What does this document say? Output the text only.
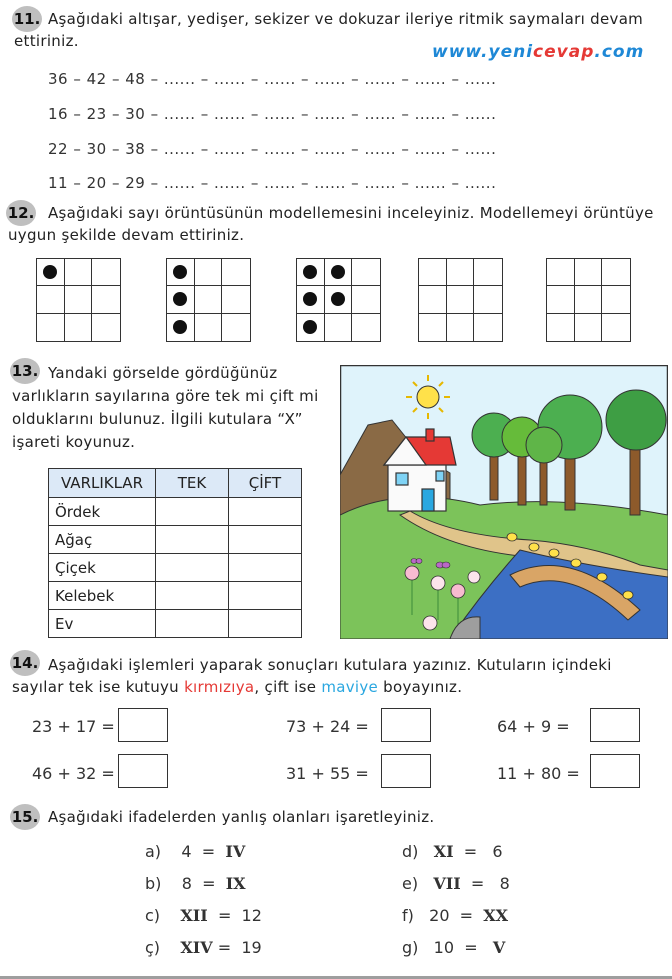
11. Aşağıdaki altışar, yedişer, sekizer ve dokuzar ileriye ritmik saymaları devam ettiriniz.
www.yenicevap.com
36 – 42 – 48 – ...... – ...... – ...... – ...... – ...... – ...... – ......
16 – 23 – 30 – ...... – ...... – ...... – ...... – ...... – ...... – ......
22 – 30 – 38 – ...... – ...... – ...... – ...... – ...... – ...... – ......
11 – 20 – 29 – ...... – ...... – ...... – ...... – ...... – ...... – ......
12. Aşağıdaki sayı örüntüsünün modellemesini inceleyiniz. Modellemeyi örüntüye uygun şekilde devam ettiriniz.
13. Yandaki görselde gördüğünüz varlıkların sayılarına göre tek mi çift mi olduklarını bulunuz. İlgili kutulara “X” işareti koyunuz.
VARLIKLAR	TEK	ÇİFT
Ördek		
Ağaç		
Çiçek		
Kelebek		
Ev		
14. Aşağıdaki işlemleri yaparak sonuçları kutulara yazınız. Kutuların içindeki sayılar tek ise kutuyu kırmızıya, çift ise maviye boyayınız.
23 + 17 =	73 + 24 =	64 + 9 =
46 + 32 =	31 + 55 =	11 + 80 =
15. Aşağıdaki ifadelerden yanlış olanları işaretleyiniz.
a) 4  =  IV
b) 8  =  IX
c) XII  =  12
ç) XIV =  19
d) XI  =   6
e) VII  =   8
f) 20  =  XX
g) 10  =   V
